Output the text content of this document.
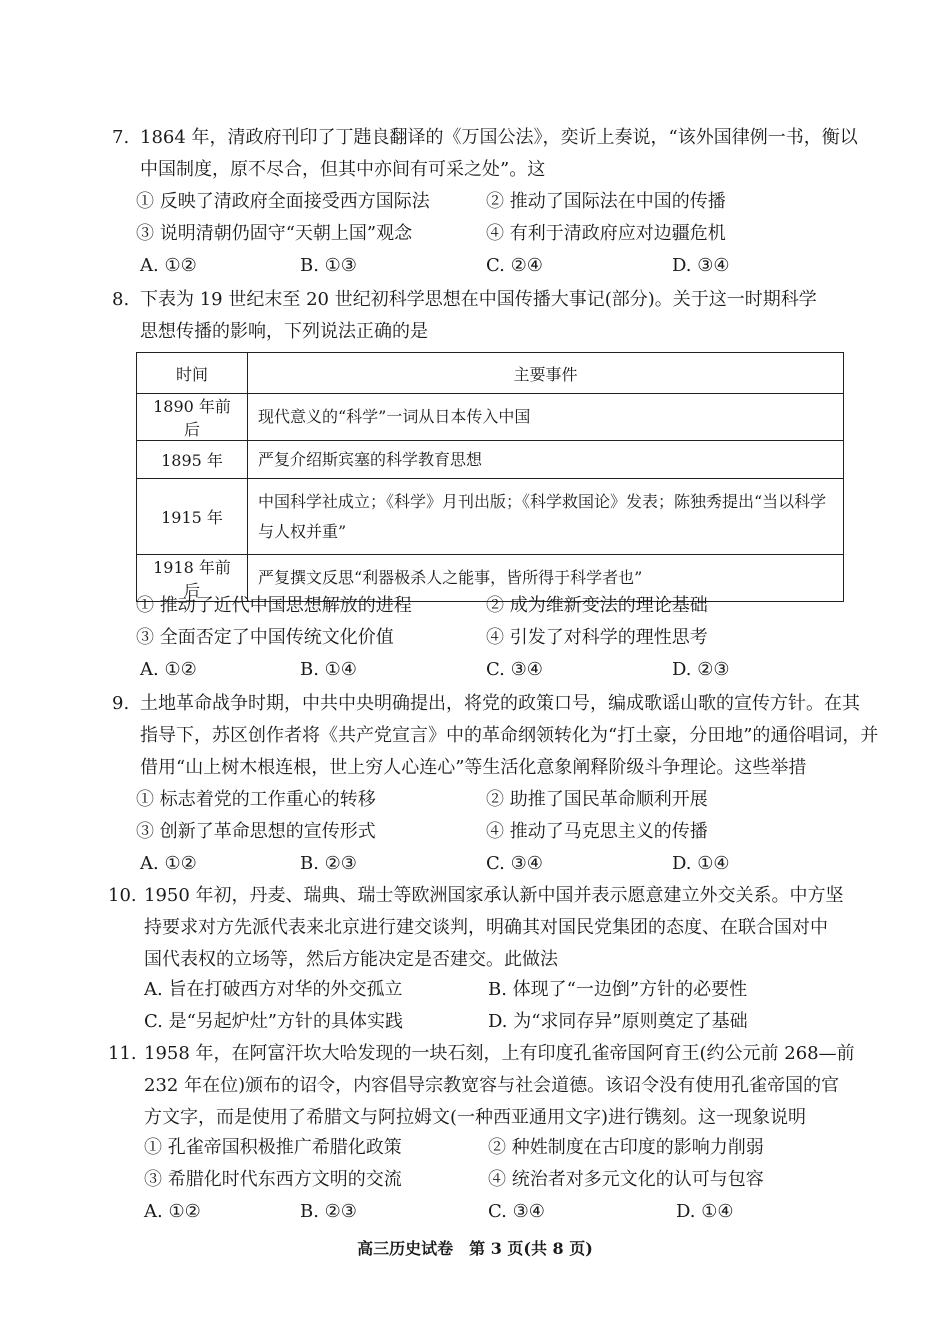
7. 1864 年，清政府刊印了丁韪良翻译的《万国公法》，奕䜣上奏说，“该外国律例一书，衡以
中国制度，原不尽合，但其中亦间有可采之处”。这
① 反映了清政府全面接受西方国际法	② 推动了国际法在中国的传播
③ 说明清朝仍固守“天朝上国”观念	④ 有利于清政府应对边疆危机
A. ①②	B. ①③	C. ②④	D. ③④
8. 下表为 19 世纪末至 20 世纪初科学思想在中国传播大事记(部分)。关于这一时期科学
思想传播的影响，下列说法正确的是
时间	主要事件
1890 年前后	现代意义的“科学”一词从日本传入中国
1895 年	严复介绍斯宾塞的科学教育思想
1915 年	中国科学社成立；《科学》月刊出版；《科学救国论》发表；陈独秀提出“当以科学与人权并重”
1918 年前后	严复撰文反思“利器极杀人之能事，皆所得于科学者也”
① 推动了近代中国思想解放的进程	② 成为维新变法的理论基础
③ 全面否定了中国传统文化价值	④ 引发了对科学的理性思考
A. ①②	B. ①④	C. ③④	D. ②③
9. 土地革命战争时期，中共中央明确提出，将党的政策口号，编成歌谣山歌的宣传方针。在其
指导下，苏区创作者将《共产党宣言》中的革命纲领转化为“打土豪，分田地”的通俗唱词，并
借用“山上树木根连根，世上穷人心连心”等生活化意象阐释阶级斗争理论。这些举措
① 标志着党的工作重心的转移	② 助推了国民革命顺利开展
③ 创新了革命思想的宣传形式	④ 推动了马克思主义的传播
A. ①②	B. ②③	C. ③④	D. ①④
10. 1950 年初，丹麦、瑞典、瑞士等欧洲国家承认新中国并表示愿意建立外交关系。中方坚
持要求对方先派代表来北京进行建交谈判，明确其对国民党集团的态度、在联合国对中
国代表权的立场等，然后方能决定是否建交。此做法
A. 旨在打破西方对华的外交孤立	B. 体现了“一边倒”方针的必要性
C. 是“另起炉灶”方针的具体实践	D. 为“求同存异”原则奠定了基础
11. 1958 年，在阿富汗坎大哈发现的一块石刻，上有印度孔雀帝国阿育王(约公元前 268—前
232 年在位)颁布的诏令，内容倡导宗教宽容与社会道德。该诏令没有使用孔雀帝国的官
方文字，而是使用了希腊文与阿拉姆文(一种西亚通用文字)进行镌刻。这一现象说明
① 孔雀帝国积极推广希腊化政策	② 种姓制度在古印度的影响力削弱
③ 希腊化时代东西方文明的交流	④ 统治者对多元文化的认可与包容
A. ①②	B. ②③	C. ③④	D. ①④
高三历史试卷　第 3 页(共 8 页)
